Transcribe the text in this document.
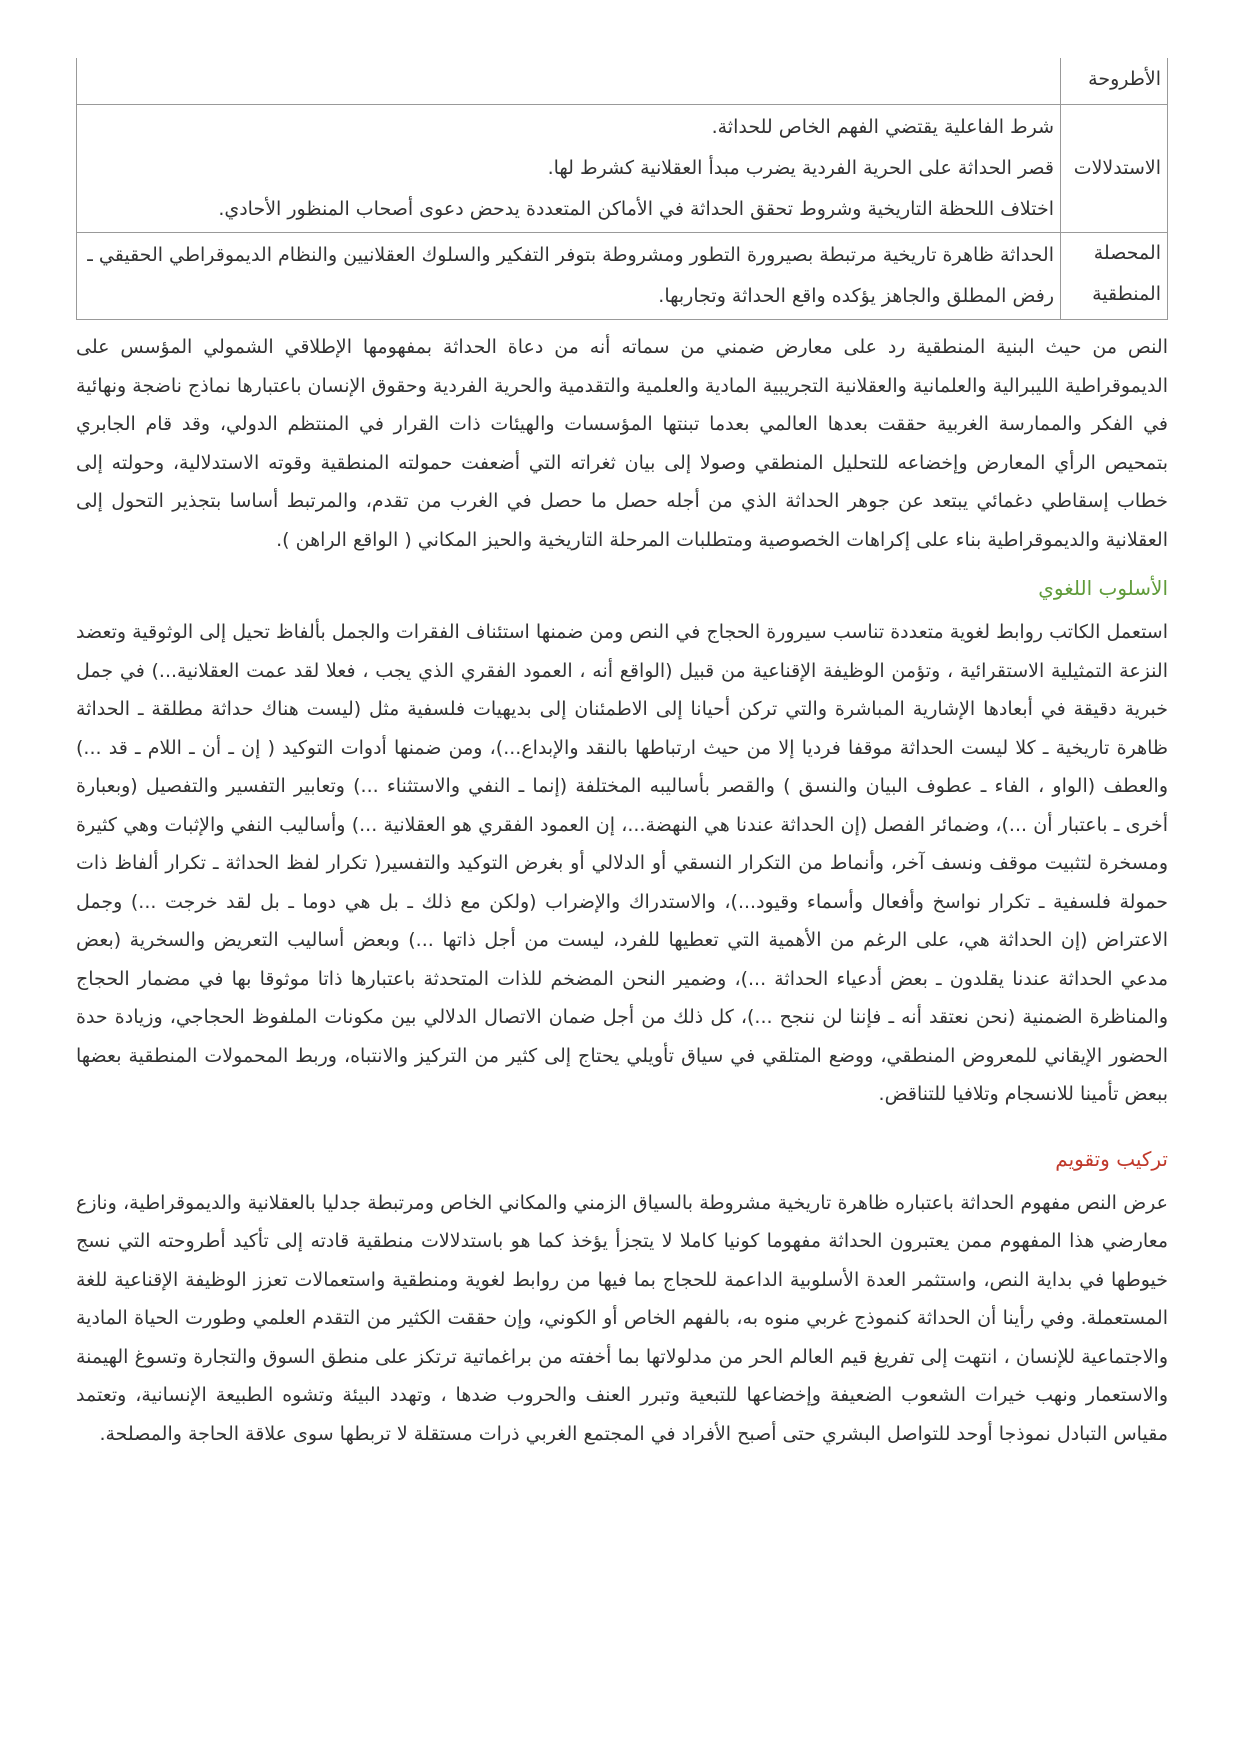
الأطروحة	

الاستدلالات	شرط الفاعلية يقتضي الفهم الخاص للحداثة.
قصر الحداثة على الحرية الفردية يضرب مبدأ العقلانية كشرط لها.
اختلاف اللحظة التاريخية وشروط تحقق الحداثة في الأماكن المتعددة يدحض دعوى أصحاب المنظور الأحادي.

المحصلة المنطقية	الحداثة ظاهرة تاريخية مرتبطة بصيرورة التطور ومشروطة بتوفر التفكير والسلوك العقلانيين والنظام الديموقراطي الحقيقي ـ رفض المطلق والجاهز يؤكده واقع الحداثة وتجاربها.

النص من حيث البنية المنطقية رد على معارض ضمني من سماته أنه من دعاة الحداثة بمفهومها الإطلاقي الشمولي المؤسس على الديموقراطية الليبرالية والعلمانية والعقلانية التجريبية المادية والعلمية والتقدمية والحرية الفردية وحقوق الإنسان باعتبارها نماذج ناضجة ونهائية في الفكر والممارسة الغربية حققت بعدها العالمي بعدما تبنتها المؤسسات والهيئات ذات القرار في المنتظم الدولي، وقد قام الجابري بتمحيص الرأي المعارض وإخضاعه للتحليل المنطقي وصولا إلى بيان ثغراته التي أضعفت حمولته المنطقية وقوته الاستدلالية، وحولته إلى خطاب إسقاطي دغمائي يبتعد عن جوهر الحداثة الذي من أجله حصل ما حصل في الغرب من تقدم، والمرتبط أساسا بتجذير التحول إلى العقلانية والديموقراطية بناء على إكراهات الخصوصية ومتطلبات المرحلة التاريخية والحيز المكاني ( الواقع الراهن ).

الأسلوب اللغوي

استعمل الكاتب روابط لغوية متعددة تناسب سيرورة الحجاج في النص ومن ضمنها استئناف الفقرات والجمل بألفاظ تحيل إلى الوثوقية وتعضد النزعة التمثيلية الاستقرائية ، وتؤمن الوظيفة الإقناعية من قبيل (الواقع أنه ، العمود الفقري الذي يجب ، فعلا لقد عمت العقلانية...) في جمل خبرية دقيقة في أبعادها الإشارية المباشرة والتي تركن أحيانا إلى الاطمئنان إلى بديهيات فلسفية مثل (ليست هناك حداثة مطلقة ـ الحداثة ظاهرة تاريخية ـ كلا ليست الحداثة موقفا فرديا إلا من حيث ارتباطها بالنقد والإبداع...)، ومن ضمنها أدوات التوكيد ( إن ـ أن ـ اللام ـ قد ...) والعطف (الواو ، الفاء ـ عطوف البيان والنسق ) والقصر بأساليبه المختلفة (إنما ـ النفي والاستثناء ...) وتعابير التفسير والتفصيل (وبعبارة أخرى ـ باعتبار أن ...)، وضمائر الفصل (إن الحداثة عندنا هي النهضة...، إن العمود الفقري هو العقلانية ...) وأساليب النفي والإثبات وهي كثيرة ومسخرة لتثبيت موقف ونسف آخر، وأنماط من التكرار النسقي أو الدلالي أو بغرض التوكيد والتفسير( تكرار لفظ الحداثة ـ تكرار ألفاظ ذات حمولة فلسفية ـ تكرار نواسخ وأفعال وأسماء وقيود...)، والاستدراك والإضراب (ولكن مع ذلك ـ بل هي دوما ـ بل لقد خرجت ...) وجمل الاعتراض (إن الحداثة هي، على الرغم من الأهمية التي تعطيها للفرد، ليست من أجل ذاتها ...) وبعض أساليب التعريض والسخرية (بعض مدعي الحداثة عندنا يقلدون ـ بعض أدعياء الحداثة ...)، وضمير النحن المضخم للذات المتحدثة باعتبارها ذاتا موثوقا بها في مضمار الحجاج والمناظرة الضمنية (نحن نعتقد أنه ـ فإننا لن ننجح ...)، كل ذلك من أجل ضمان الاتصال الدلالي بين مكونات الملفوظ الحجاجي، وزيادة حدة الحضور الإيقاني للمعروض المنطقي، ووضع المتلقي في سياق تأويلي يحتاج إلى كثير من التركيز والانتباه، وربط المحمولات المنطقية بعضها ببعض تأمينا للانسجام وتلافيا للتناقض.

تركيب وتقويم

عرض النص مفهوم الحداثة باعتباره ظاهرة تاريخية مشروطة بالسياق الزمني والمكاني الخاص ومرتبطة جدليا بالعقلانية والديموقراطية، ونازع معارضي هذا المفهوم ممن يعتبرون الحداثة مفهوما كونيا كاملا لا يتجزأ يؤخذ كما هو باستدلالات منطقية قادته إلى تأكيد أطروحته التي نسج خيوطها في بداية النص، واستثمر العدة الأسلوبية الداعمة للحجاج بما فيها من روابط لغوية ومنطقية واستعمالات تعزز الوظيفة الإقناعية للغة المستعملة. وفي رأينا أن الحداثة كنموذج غربي منوه به، بالفهم الخاص أو الكوني، وإن حققت الكثير من التقدم العلمي وطورت الحياة المادية والاجتماعية للإنسان ، انتهت إلى تفريغ قيم العالم الحر من مدلولاتها بما أخفته من براغماتية ترتكز على منطق السوق والتجارة وتسوغ الهيمنة والاستعمار ونهب خيرات الشعوب الضعيفة وإخضاعها للتبعية وتبرر العنف والحروب ضدها ، وتهدد البيئة وتشوه الطبيعة الإنسانية، وتعتمد مقياس التبادل نموذجا أوحد للتواصل البشري حتى أصبح الأفراد في المجتمع الغربي ذرات مستقلة لا تربطها سوى علاقة الحاجة والمصلحة.
